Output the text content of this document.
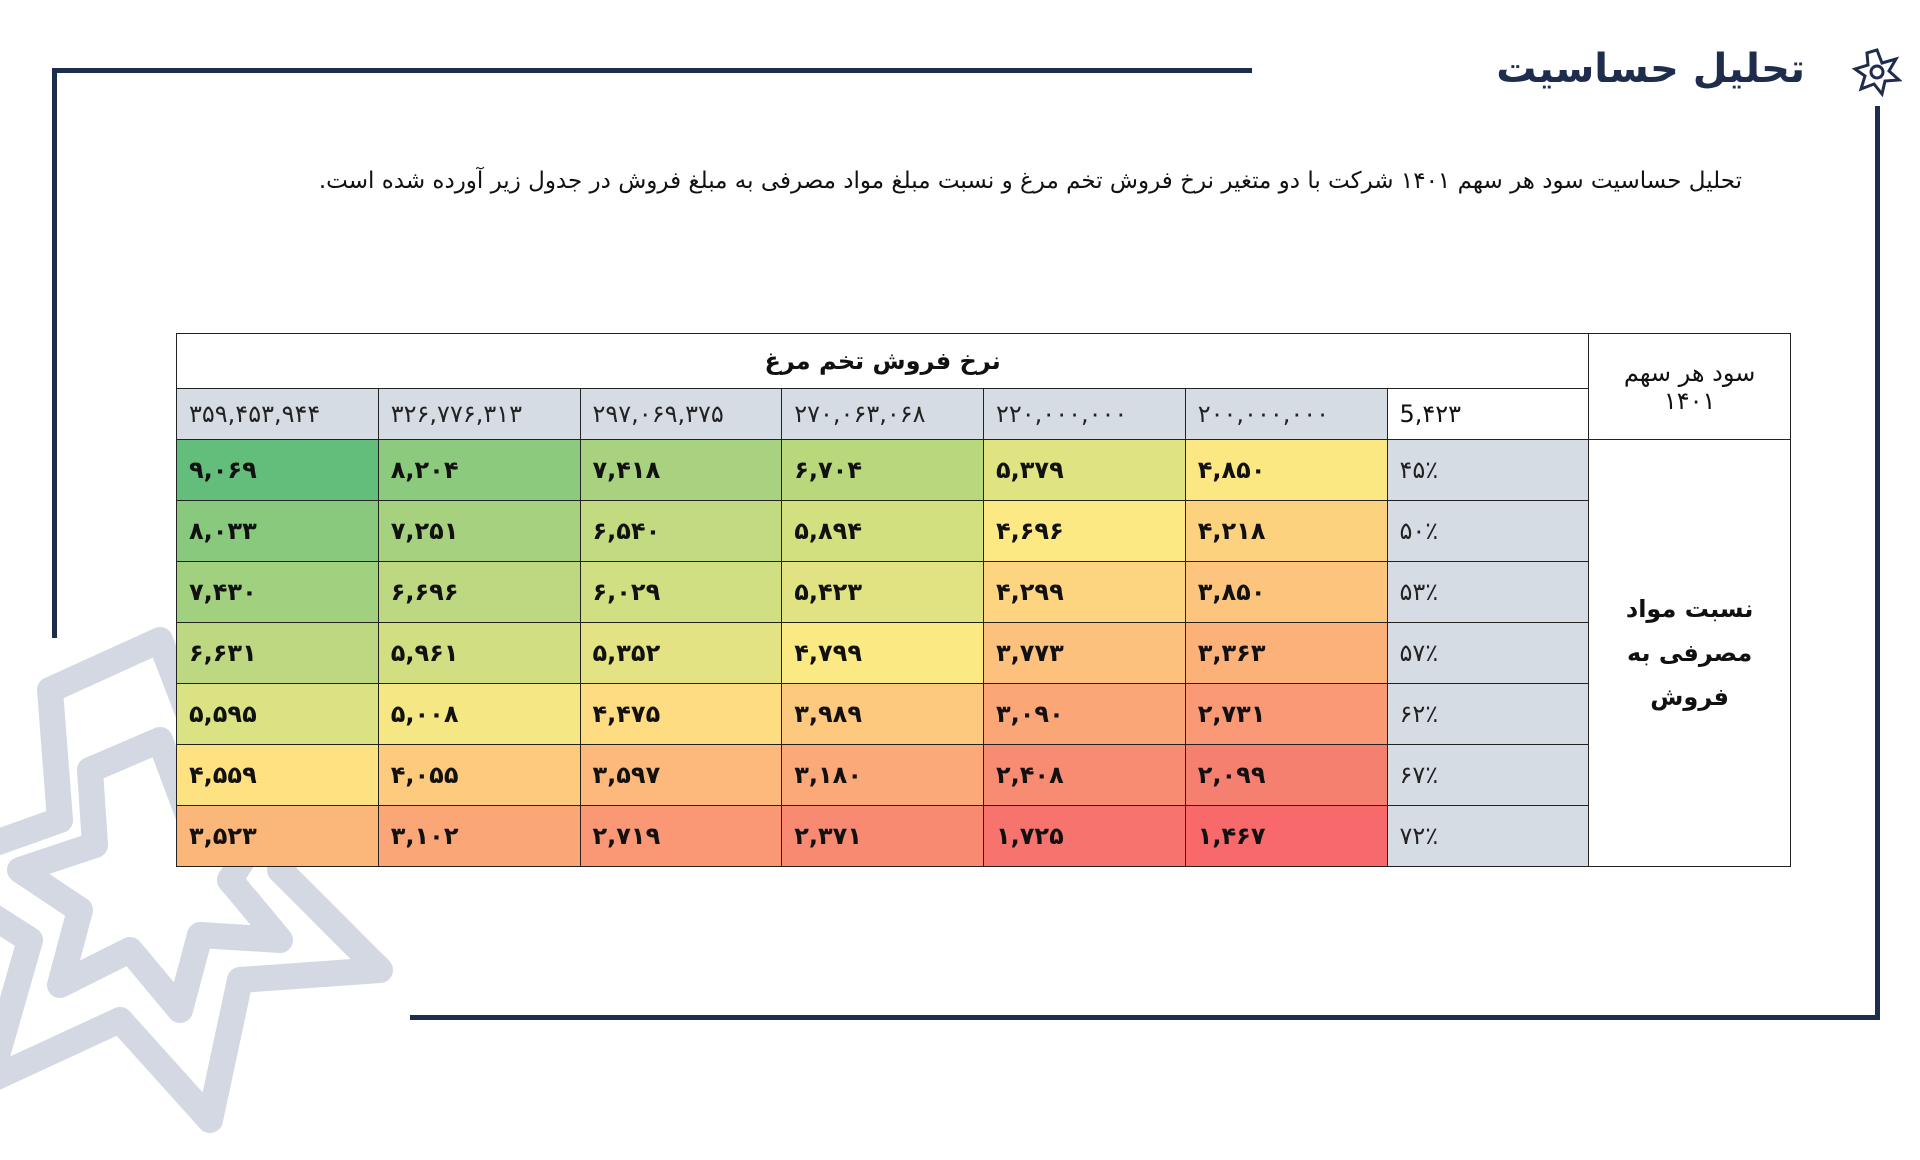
تحلیل حساسیت
تحلیل حساسیت سود هر سهم ۱۴۰۱ شرکت با دو متغیر نرخ فروش تخم مرغ و نسبت مبلغ مواد مصرفی به مبلغ فروش در جدول زیر آورده شده است.
سود هر سهم ۱۴۰۱	نرخ فروش تخم مرغ						
	5,۴۲۳	۲۰۰,۰۰۰,۰۰۰	۲۲۰,۰۰۰,۰۰۰	۲۷۰,۰۶۳,۰۶۸	۲۹۷,۰۶۹,۳۷۵	۳۲۶,۷۷۶,۳۱۳	۳۵۹,۴۵۳,۹۴۴
نسبت مواد مصرفی به فروش	۴۵٪	۴,۸۵۰	۵,۳۷۹	۶,۷۰۴	۷,۴۱۸	۸,۲۰۴	۹,۰۶۹
	۵۰٪	۴,۲۱۸	۴,۶۹۶	۵,۸۹۴	۶,۵۴۰	۷,۲۵۱	۸,۰۳۳
	۵۳٪	۳,۸۵۰	۴,۲۹۹	۵,۴۲۳	۶,۰۲۹	۶,۶۹۶	۷,۴۳۰
	۵۷٪	۳,۳۶۳	۳,۷۷۳	۴,۷۹۹	۵,۳۵۲	۵,۹۶۱	۶,۶۳۱
	۶۲٪	۲,۷۳۱	۳,۰۹۰	۳,۹۸۹	۴,۴۷۵	۵,۰۰۸	۵,۵۹۵
	۶۷٪	۲,۰۹۹	۲,۴۰۸	۳,۱۸۰	۳,۵۹۷	۴,۰۵۵	۴,۵۵۹
	۷۲٪	۱,۴۶۷	۱,۷۲۵	۲,۳۷۱	۲,۷۱۹	۳,۱۰۲	۳,۵۲۳
